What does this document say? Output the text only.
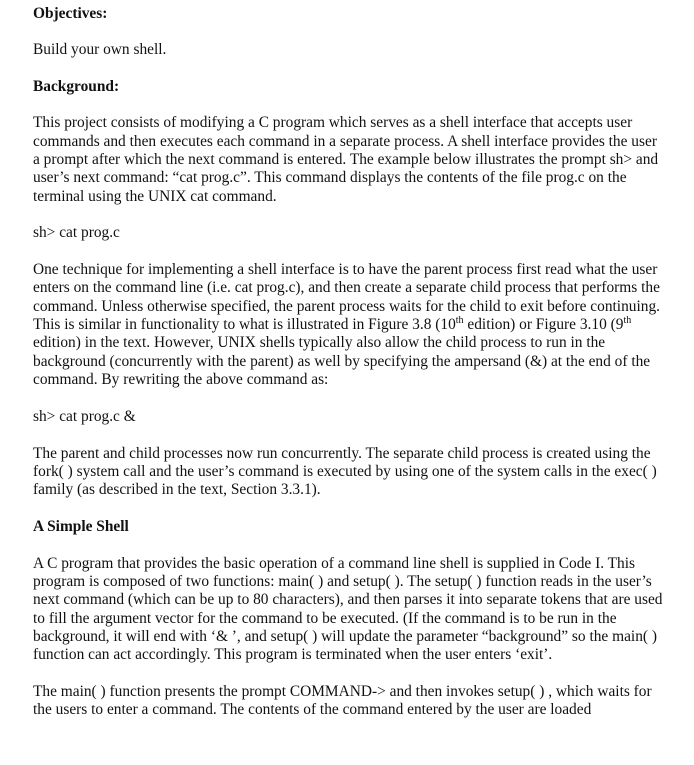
Objectives:

Build your own shell.

Background:

This project consists of modifying a C program which serves as a shell interface that accepts user commands and then executes each command in a separate process. A shell interface provides the user a prompt after which the next command is entered. The example below illustrates the prompt sh> and user’s next command: “cat prog.c”. This command displays the contents of the file prog.c on the terminal using the UNIX cat command.

sh> cat prog.c

One technique for implementing a shell interface is to have the parent process first read what the user enters on the command line (i.e. cat prog.c), and then create a separate child process that performs the command. Unless otherwise specified, the parent process waits for the child to exit before continuing. This is similar in functionality to what is illustrated in Figure 3.8 (10th edition) or Figure 3.10 (9th edition) in the text. However, UNIX shells typically also allow the child process to run in the background (concurrently with the parent) as well by specifying the ampersand (&) at the end of the command. By rewriting the above command as:

sh> cat prog.c &

The parent and child processes now run concurrently. The separate child process is created using the fork( ) system call and the user’s command is executed by using one of the system calls in the exec( ) family (as described in the text, Section 3.3.1).

A Simple Shell

A C program that provides the basic operation of a command line shell is supplied in Code I. This program is composed of two functions: main( ) and setup( ). The setup( ) function reads in the user’s next command (which can be up to 80 characters), and then parses it into separate tokens that are used to fill the argument vector for the command to be executed. (If the command is to be run in the background, it will end with ‘& ’, and setup( ) will update the parameter “background” so the main( ) function can act accordingly. This program is terminated when the user enters ‘exit’.

The main( ) function presents the prompt COMMAND-> and then invokes setup( ) , which waits for the users to enter a command. The contents of the command entered by the user are loaded
